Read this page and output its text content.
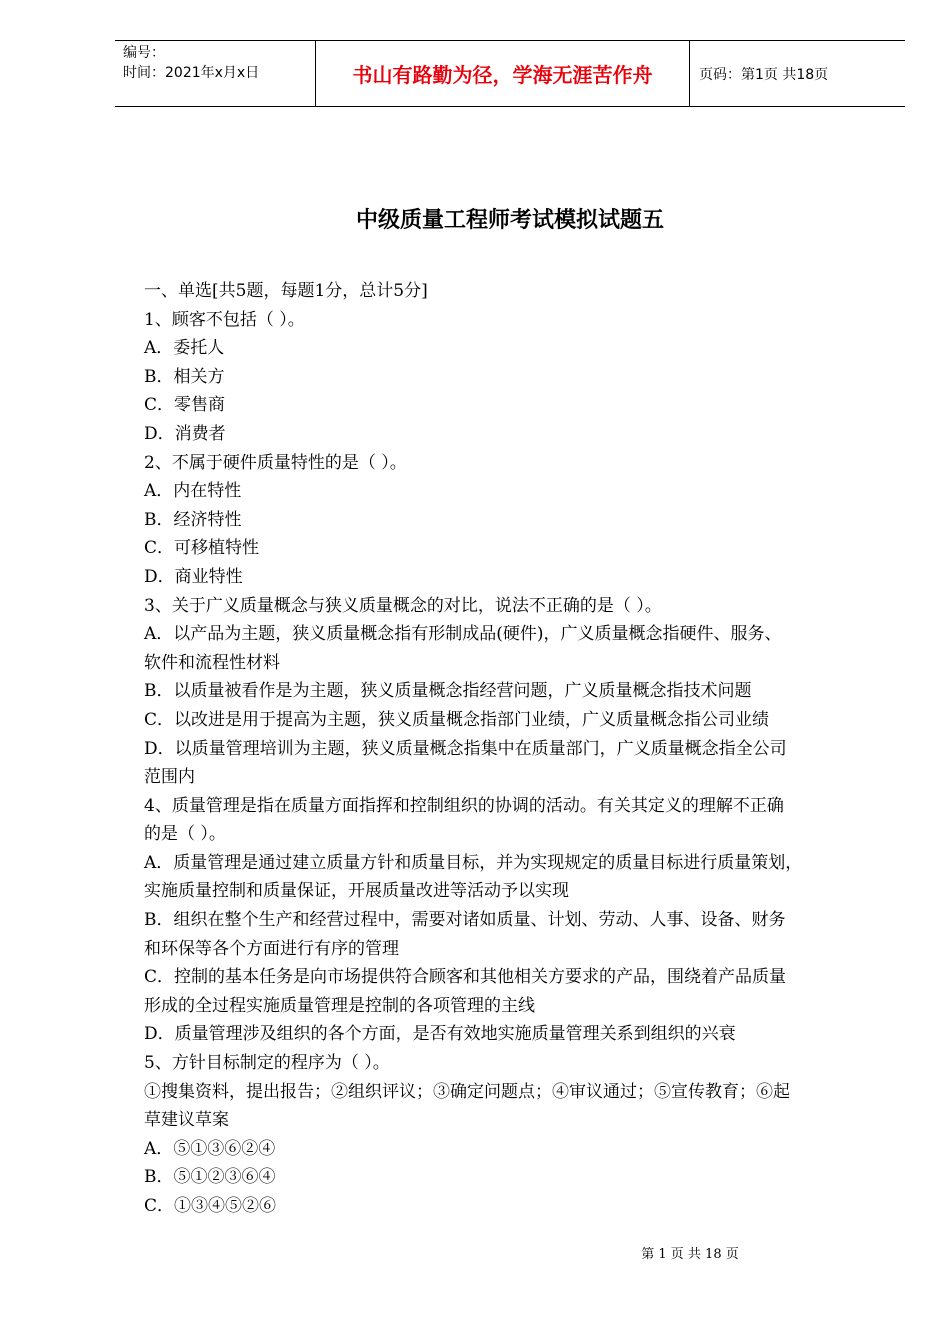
编号：
时间：2021年x月x日	书山有路勤为径，学海无涯苦作舟	页码：第1页 共18页
中级质量工程师考试模拟试题五
一、单选[共5题，每题1分，总计5分]
1、顾客不包括（ ）。
A．委托人
B．相关方
C．零售商
D．消费者
2、不属于硬件质量特性的是（ ）。
A．内在特性
B．经济特性
C．可移植特性
D．商业特性
3、关于广义质量概念与狭义质量概念的对比，说法不正确的是（ ）。
A．以产品为主题，狭义质量概念指有形制成品(硬件)，广义质量概念指硬件、服务、
软件和流程性材料
B．以质量被看作是为主题，狭义质量概念指经营问题，广义质量概念指技术问题
C．以改进是用于提高为主题，狭义质量概念指部门业绩，广义质量概念指公司业绩
D．以质量管理培训为主题，狭义质量概念指集中在质量部门，广义质量概念指全公司
范围内
4、质量管理是指在质量方面指挥和控制组织的协调的活动。有关其定义的理解不正确
的是（ ）。
A．质量管理是通过建立质量方针和质量目标，并为实现规定的质量目标进行质量策划，
实施质量控制和质量保证，开展质量改进等活动予以实现
B．组织在整个生产和经营过程中，需要对诸如质量、计划、劳动、人事、设备、财务
和环保等各个方面进行有序的管理
C．控制的基本任务是向市场提供符合顾客和其他相关方要求的产品，围绕着产品质量
形成的全过程实施质量管理是控制的各项管理的主线
D．质量管理涉及组织的各个方面，是否有效地实施质量管理关系到组织的兴衰
5、方针目标制定的程序为（ ）。
①搜集资料，提出报告；②组织评议；③确定问题点；④审议通过；⑤宣传教育；⑥起
草建议草案
A．⑤①③⑥②④
B．⑤①②③⑥④
C．①③④⑤②⑥
第 1 页 共 18 页
